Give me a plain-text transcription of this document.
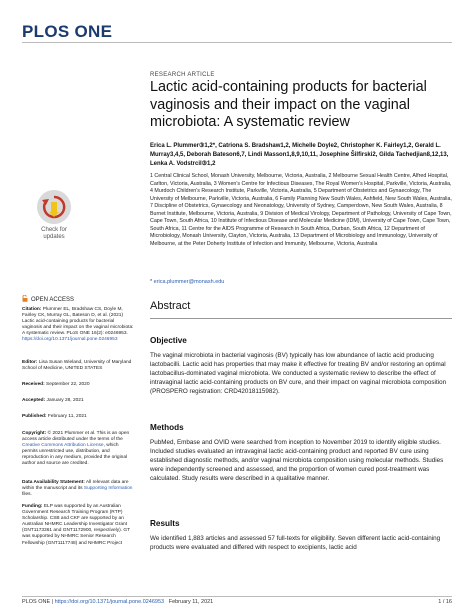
PLOS ONE
RESEARCH ARTICLE
Lactic acid-containing products for bacterial vaginosis and their impact on the vaginal microbiota: A systematic review
Erica L. Plummer③1,2*, Catriona S. Bradshaw1,2, Michelle Doyle2, Christopher K. Fairley1,2, Gerald L. Murray3,4,5, Deborah Bateson6,7, Lindi Masson1,8,9,10,11, Josephine Šilfirski2, Gilda Tachedjian8,12,13, Lenka A. Vodstrcil③1,2
1 Central Clinical School, Monash University, Melbourne, Victoria, Australia, 2 Melbourne Sexual Health Centre, Alfred Hospital, Carlton, Victoria, Australia, 3 Women's Centre for Infectious Diseases, The Royal Women's Hospital, Parkville, Victoria, Australia, 4 Murdoch Children's Research Institute, Parkville, Victoria, Australia, 5 Department of Obstetrics and Gynaecology, The University of Melbourne, Parkville, Victoria, Australia, 6 Family Planning New South Wales, Ashfield, New South Wales, Australia, 7 Discipline of Obstetrics, Gynaecology and Neonatology, University of Sydney, Camperdown, New South Wales, Australia, 8 Burnet Institute, Melbourne, Victoria, Australia, 9 Division of Medical Virology, Department of Pathology, University of Cape Town, Cape Town, South Africa, 10 Institute of Infectious Disease and Molecular Medicine (IDM), University of Cape Town, Cape Town, South Africa, 11 Centre for the AIDS Programme of Research in South Africa, Durban, South Africa, 12 Department of Microbiology, Monash University, Clayton, Victoria, Australia, 13 Department of Microbiology and Immunology, University of Melbourne, at the Peter Doherty Institute of Infection and Immunity, Melbourne, Victoria, Australia
* erica.plummer@monash.edu
Abstract
Objective
The vaginal microbiota in bacterial vaginosis (BV) typically has low abundance of lactic acid producing lactobacilli. Lactic acid has properties that may make it effective for treating BV and/or restoring an optimal lactobacillus-dominated vaginal microbiota. We conducted a systematic review to describe the effect of intravaginal lactic acid-containing products on BV cure, and their impact on vaginal microbiota composition (PROSPERO registration: CRD42018115982).
Methods
PubMed, Embase and OVID were searched from inception to November 2019 to identify eligible studies. Included studies evaluated an intravaginal lactic acid-containing product and reported BV cure using established diagnostic methods, and/or vaginal microbiota composition using molecular methods. Studies were independently screened and assessed, and the proportion of women cured post-treatment was calculated. Study results were described in a qualitative manner.
Results
We identified 1,883 articles and assessed 57 full-texts for eligibility. Seven different lactic acid-containing products were evaluated and differed with respect to excipients, lactic acid
Check for updates
OPEN ACCESS
Citation: Plummer EL, Bradshaw CS, Doyle M, Fairley CK, Murray GL, Bateson D, et al. (2021) Lactic acid-containing products for bacterial vaginosis and their impact on the vaginal microbiota: A systematic review. PLoS ONE 16(2): e0246953. https://doi.org/10.1371/journal.pone.0246953
Editor: Lisa Susan Wieland, University of Maryland School of Medicine, UNITED STATES
Received: September 22, 2020
Accepted: January 28, 2021
Published: February 11, 2021
Copyright: © 2021 Plummer et al. This is an open access article distributed under the terms of the Creative Commons Attribution License, which permits unrestricted use, distribution, and reproduction in any medium, provided the original author and source are credited.
Data Availability Statement: All relevant data are within the manuscript and its Supporting Information files.
Funding: ELP was supported by an Australian Government Research Training Program (RTP) Scholarship. CSB and CKF are supported by an Australian NHMRC Leadership Investigator Grant (GNT1173361 and GNT1172900, respectively). GT was supported by NHMRC Senior Research Fellowship (GNT1117748) and NHMRC Project
PLOS ONE | https://doi.org/10.1371/journal.pone.0246953 February 11, 2021	1 / 16
